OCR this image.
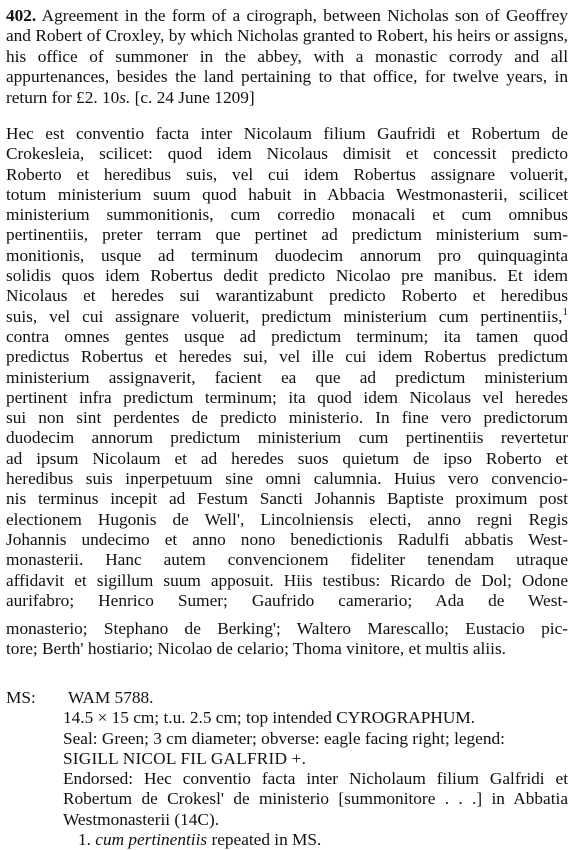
402. Agreement in the form of a cirograph, between Nicholas son of Geoffrey and Robert of Croxley, by which Nicholas granted to Robert, his heirs or assigns, his office of summoner in the abbey, with a monastic corrody and all appurtenances, besides the land pertaining to that office, for twelve years, in return for £2. 10s. [c. 24 June 1209]
Hec est conventio facta inter Nicolaum filium Gaufridi et Robertum de
Crokesleia, scilicet: quod idem Nicolaus dimisit et concessit predicto
Roberto et heredibus suis, vel cui idem Robertus assignare voluerit,
totum ministerium suum quod habuit in Abbacia Westmonasterii, scilicet
ministerium summonitionis, cum corredio monacali et cum omnibus
pertinentiis, preter terram que pertinet ad predictum ministerium sum-
monitionis, usque ad terminum duodecim annorum pro quinquaginta
solidis quos idem Robertus dedit predicto Nicolao pre manibus. Et idem
Nicolaus et heredes sui warantizabunt predicto Roberto et heredibus
suis, vel cui assignare voluerit, predictum ministerium cum pertinentiis,$^1$
contra omnes gentes usque ad predictum terminum; ita tamen quod
predictus Robertus et heredes sui, vel ille cui idem Robertus predictum
ministerium assignaverit, facient ea que ad predictum ministerium
pertinent infra predictum terminum; ita quod idem Nicolaus vel heredes
sui non sint perdentes de predicto ministerio. In fine vero predictorum
duodecim annorum predictum ministerium cum pertinentiis revertetur
ad ipsum Nicolaum et ad heredes suos quietum de ipso Roberto et
heredibus suis inperpetuum sine omni calumnia. Huius vero convencio-
nis terminus incepit ad Festum Sancti Johannis Baptiste proximum post
electionem Hugonis de Well', Lincolniensis electi, anno regni Regis
Johannis undecimo et anno nono benedictionis Radulfi abbatis West-
monasterii. Hanc autem convencionem fideliter tenendam utraque
affidavit et sigillum suum apposuit. Hiis testibus: Ricardo de Dol; Odone
aurifabro; Henrico Sumer; Gaufrido camerario; Ada de West-
monasterio; Stephano de Berking'; Waltero Marescallo; Eustacio pic-
tore; Berth' hostiario; Nicolao de celario; Thoma vinitore, et multis aliis.
MS: WAM 5788.
14.5 × 15 cm; t.u. 2.5 cm; top intended CYROGRAPHUM.
Seal: Green; 3 cm diameter; obverse: eagle facing right; legend:
SIGILL NICOL FIL GALFRID +.
Endorsed: Hec conventio facta inter Nicholaum filium Galfridi et
Robertum de Crokesl' de ministerio [summonitore . . .] in Abbatia
Westmonasterii (14C).
1. cum pertinentiis repeated in MS.
